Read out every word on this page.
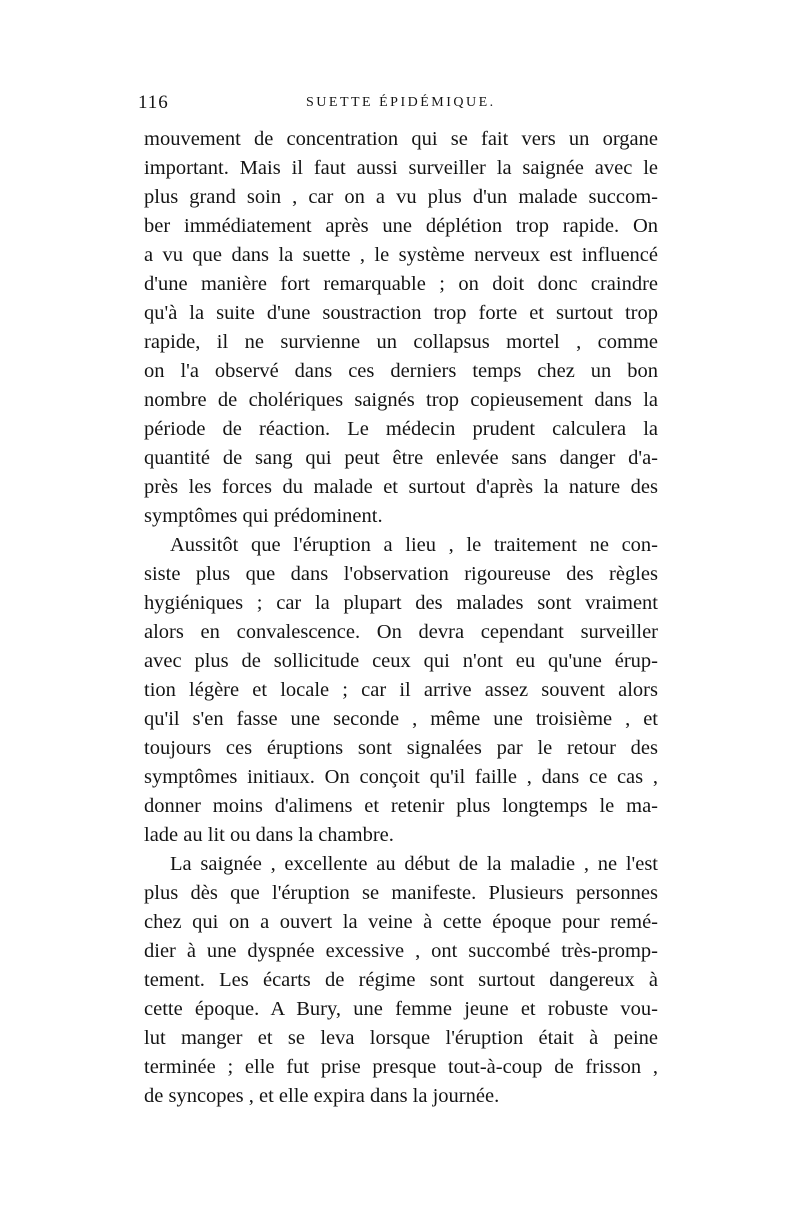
116	SUETTE ÉPIDÉMIQUE.
mouvement de concentration qui se fait vers un organe
important. Mais il faut aussi surveiller la saignée avec le
plus grand soin , car on a vu plus d'un malade succom-
ber immédiatement après une déplétion trop rapide. On
a vu que dans la suette , le système nerveux est influencé
d'une manière fort remarquable ; on doit donc craindre
qu'à la suite d'une soustraction trop forte et surtout trop
rapide, il ne survienne un collapsus mortel , comme
on l'a observé dans ces derniers temps chez un bon
nombre de cholériques saignés trop copieusement dans la
période de réaction. Le médecin prudent calculera la
quantité de sang qui peut être enlevée sans danger d'a-
près les forces du malade et surtout d'après la nature des
symptômes qui prédominent.
Aussitôt que l'éruption a lieu , le traitement ne con-
siste plus que dans l'observation rigoureuse des règles
hygiéniques ; car la plupart des malades sont vraiment
alors en convalescence. On devra cependant surveiller
avec plus de sollicitude ceux qui n'ont eu qu'une érup-
tion légère et locale ; car il arrive assez souvent alors
qu'il s'en fasse une seconde , même une troisième , et
toujours ces éruptions sont signalées par le retour des
symptômes initiaux. On conçoit qu'il faille , dans ce cas ,
donner moins d'alimens et retenir plus longtemps le ma-
lade au lit ou dans la chambre.
La saignée , excellente au début de la maladie , ne l'est
plus dès que l'éruption se manifeste. Plusieurs personnes
chez qui on a ouvert la veine à cette époque pour remé-
dier à une dyspnée excessive , ont succombé très-promp-
tement. Les écarts de régime sont surtout dangereux à
cette époque. A Bury, une femme jeune et robuste vou-
lut manger et se leva lorsque l'éruption était à peine
terminée ; elle fut prise presque tout-à-coup de frisson ,
de syncopes , et elle expira dans la journée.
